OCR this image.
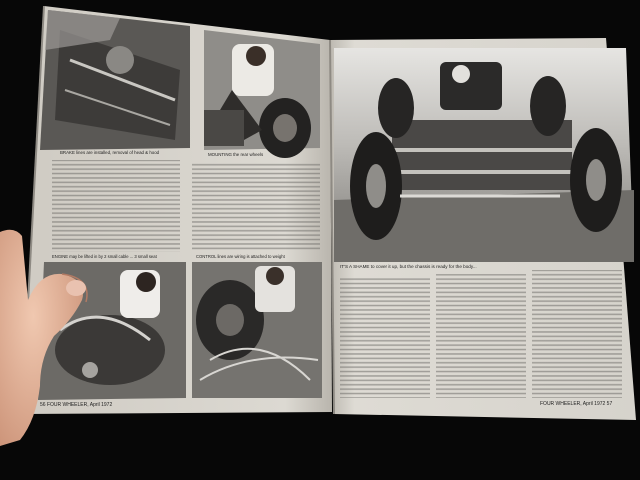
BRAKE lines are installed, removal of head & hood	MOUNTING the rear wheels
ENGINE may be lifted in by 2 small cable ... 3 small seat	CONTROL lines are wiring is attached to weight
56 FOUR WHEELER, April 1972
IT'S A SHAME to cover it up, but the chassis is ready for the body...
FOUR WHEELER, April 1972 57
